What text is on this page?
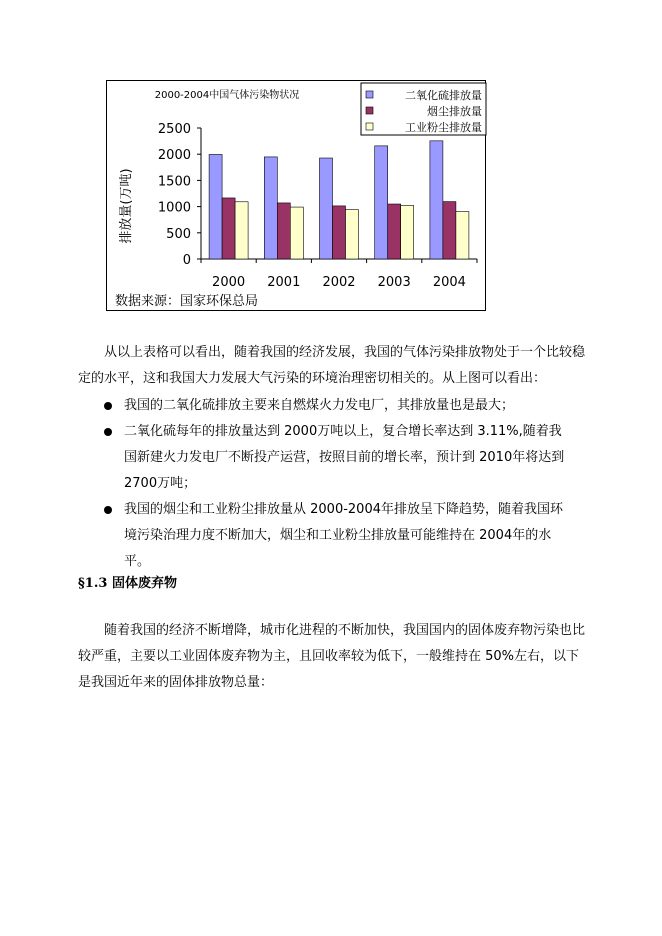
2000-2004中国气体污染物状况	二氧化硫排放量
烟尘排放量
工业粉尘排放量
排放量(万吨)
0
500
1000
1500
2000
2500
2000 2001 2002 2003 2004
数据来源：国家环保总局

从以上表格可以看出，随着我国的经济发展，我国的气体污染排放物处于一个比较稳定的水平，这和我国大力发展大气污染的环境治理密切相关的。从上图可以看出：

我国的二氧化硫排放主要来自燃煤火力发电厂，其排放量也是最大；
二氧化硫每年的排放量达到 2000万吨以上，复合增长率达到 3.11%,随着我国新建火力发电厂不断投产运营，按照目前的增长率，预计到 2010年将达到 2700万吨；
我国的烟尘和工业粉尘排放量从 2000-2004年排放呈下降趋势，随着我国环境污染治理力度不断加大，烟尘和工业粉尘排放量可能维持在 2004年的水平。
§1.3 固体废弃物

随着我国的经济不断增降，城市化进程的不断加快，我国国内的固体废弃物污染也比较严重，主要以工业固体废弃物为主，且回收率较为低下，一般维持在 50%左右，以下是我国近年来的固体排放物总量：
